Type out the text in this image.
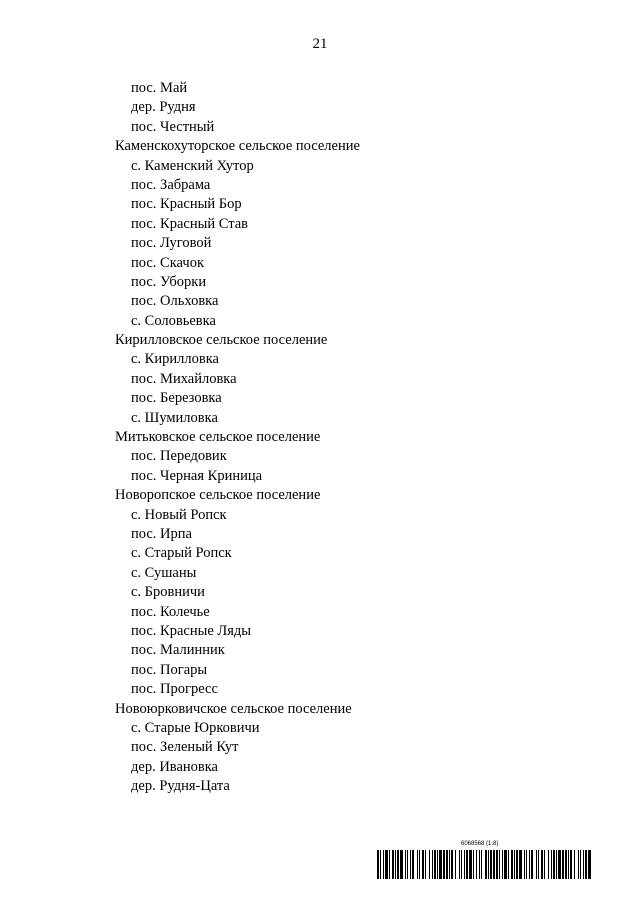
21
пос. Май
дер. Рудня
пос. Честный
Каменскохуторское сельское поселение
с. Каменский Хутор
пос. Забрама
пос. Красный Бор
пос. Красный Став
пос. Луговой
пос. Скачок
пос. Уборки
пос. Ольховка
с. Соловьевка
Кирилловское сельское поселение
с. Кирилловка
пос. Михайловка
пос. Березовка
с. Шумиловка
Митьковское сельское поселение
пос. Передовик
пос. Черная Криница
Новоропское сельское поселение
с. Новый Ропск
пос. Ирпа
с. Старый Ропск
с. Сушаны
с. Бровничи
пос. Колечье
пос. Красные Ляды
пос. Малинник
пос. Погары
пос. Прогресс
Новоюрковичское сельское поселение
с. Старые Юрковичи
пос. Зеленый Кут
дер. Ивановка
дер. Рудня-Цата
6068568 (1.8)
